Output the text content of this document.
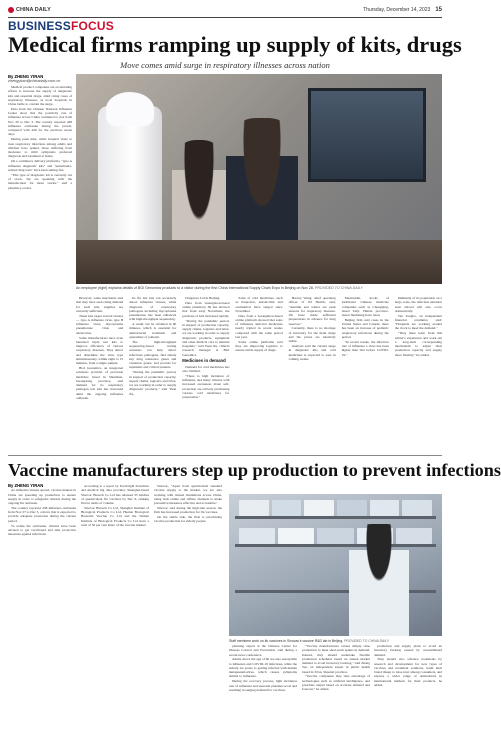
CHINA DAILY	Thursday, December 14, 2023 15
BUSINESSFOCUS
Medical firms ramping up supply of kits, drugs
Move comes amid surge in respiratory illnesses across nation
By ZHENG YIRAN
zhengyiran@chinadaily.com.cn

Medical product companies are accelerating efforts to increase the supply of diagnostic kits and essential drugs, amid rising cases of respiratory illnesses, as local hospitals in China battle to contain the surge.

Data from the Chinese National Influenza Center show that the positivity rate of influenza across China continued to rise from Nov 20 to Dec 3. The country reported 438 influenza outbreaks during the period, compared with 440 for the previous seven days.

During peak time, while hospital visits to treat respiratory infections among adults and children have spiked, those suffering from moderate to mild symptoms preferred diagnosis and treatment at home.

On e-commerce delivery platforms, "type A influenza diagnostic kits" and "pneumonia-related drug tests" have been selling fast.

"This type of diagnostic kit is currently out of stock. We are speaking with the manufacturer for more stocks," said a pharmacy owner.

An employee (right) explains details of BGI Genomics products to a visitor during the first China International Supply Chain Expo in Beijing on Nov 28. PROVIDED TO CHINA DAILY

However, some merchants said that they have seen rising demand for such kits, supplies are currently sufficient.

These kits target several viruses — type A influenza virus, type B influenza virus, mycoplasma pneumoniae virus and adenovirus.

Some manufacturers have even launched triple test kits to improve efficiency of various respiratory diseases. They detect and determine the virus type simultaneously, within eight to 15 minutes, from a single sample.

BGI Genomics, an integrated solutions provider of precision medicine based in Shenzhen, Guangdong province, said demand for its respiratory pathogen test kits has increased amid the ongoing influenza outbreak.

Its flu test kits can accurately detect influenza viruses, while diagnosis of respiratory pathogens including mycoplasma pneumoniae has been enhanced with high-throughput sequencing.

A result can be obtained in 60 minutes, which is essential for antibacterial treatment and quarantine of patients.

The high-throughput sequencing-based testing solutions can help detect infectious pathogens, find timely key drug resistance genes and virulence genes, and provide for inpatients and critical patients.

"During the pandemic period, in support of production capacity, supply chains, logistics and labor, we are working in order to supply diagnostic products," said Yuan Xu.

Drugstore Ltd in Beijing.

Data from Guangzhou-based online pharmacy JD has showed that from early November, the purchase of kits increased rapidly.

"During the pandemic period, in support of production capacity, supply chains, logistics and labor, we are working in order to supply diagnostic products, equipment and other medical care to internal hospitals," said Yuan Xu, clinical research manager at BGI Genomics.

Medicines in demand

Demand for cold medicines has also climbed.

"There is high incidence of influenza, and many citizens with increased awareness about self-protection are actively purchasing various cold medicines for preparation."

Sales of cold medicines, such as ibuprofen, amoxicillin and oseltamivir have surged since November.

Data from a Guangzhou-based online platform showed that sales of influenza antiviral medicines nearly tripled in recent weeks compared with the same period last year.

Some online platforms said they are improving logistics to ensure stable supply of drugs.

Harvey Wang, chief operating officer of JD Health, said, "Autumn and winter are peak seasons for respiratory diseases. We have made sufficient preparations in advance for drug reserves."

Currently, there is no shortage of inventory for the main drugs and the prices are relatively stable.

Analysts said the current surge in diagnostic kits and cold medicines is expected to ease in coming weeks.

Meanwhile, stocks of traditional Chinese medicine companies such as Chongqing-based Taiji, Hunan province-based Jiuzhitang have risen.

Beijing firm said cases in the United States and Canada, there has been an increase of pediatric respiratory infections during the period.

"In recent weeks, the infection rate of influenza a virus has been higher than that before COVID-19."

Immunity of its population on a large scale, the infection situation seen abroad will also occur domestically.

Tan Tongbo, an independent financial columnist, said: "Hospitals are working around the clock to meet the demand."

"They must learn from this winter's experience and work out a long-term corresponding mechanism to adjust their production capacity and supply more flexibly," he added.

Vaccine manufacturers step up production to prevent infections
By ZHENG YIRAN

As influenza viruses spread, vaccine makers in China are speeding up production to ensure supply in order to safeguard citizens during the ongoing flu outbreak.

The country reported 438 influenza outbreaks from Nov 27 to Dec 3, a move that is expected to provide adequate protection during the current period.

To tackle the outbreaks, citizens have been advised to get vaccinated and take protective measures against infections.

According to a report by Everbright Securities and medical big data provider, Shanghai-based Sinovac Biotech Co Ltd has released 35 batches of quadrivalent flu vaccines by Dec 6, ranking first in terms of volume.

Sinovac Biotech Co Ltd, Shanghai Institute of Biological Products Co Ltd, Hualan Biological Bacterial Vaccine Co Ltd and the Wuhan Institute of Biological Products Co Ltd have a total of 50 per cent share of the vaccine market.

Sinovac, "Apart from quadrivalent standard vaccine supply to the market, we are also working with related institutions across China, using both online and offline channels to make preventive measures effective and accessible."

Sinovac said during the high-risk season, the firm has increased production for flu vaccines.

On the stable side, the firm is prioritizing vaccine production for elderly people.

planning expert at the Chinese Center for Disease Control and Prevention, said during a recent news conference.

Adults above the age of 60 are also susceptible to influenza and COVID-19 infections, while the elderly are prone to getting infected with human metapneumovirus, which causes symptoms similar to influenza.

During the recovery process, light incidence rate of influenza and seasonal pneumococcal and resulting in surging demand for vaccines.

"Vaccine manufacturers cannot simply raise production to meet short-term spikes in demand. Instead, they should undertake flexible production schedules based on annual market demand to avoid inventory backlog," said Zhang Tao, an independent expert in public health based in Xi'an, Shaanxi province.

"Vaccine companies may take advantage of technologies such as artificial intelligence, and prioritize output based on accurate demand and forecast," he added.

production and supply plans to avoid an inventory backlog caused by overestimated demand.

They should also advance treatments by research and development for new types of vaccines and treatment solutions, build their brand image to raise trust among consumers, and explore a wider range of destinations in international markets for their products, he added.

Staff members work on flu vaccines in Sinovac's vaccine R&D lab in Beijing. PROVIDED TO CHINA DAILY
